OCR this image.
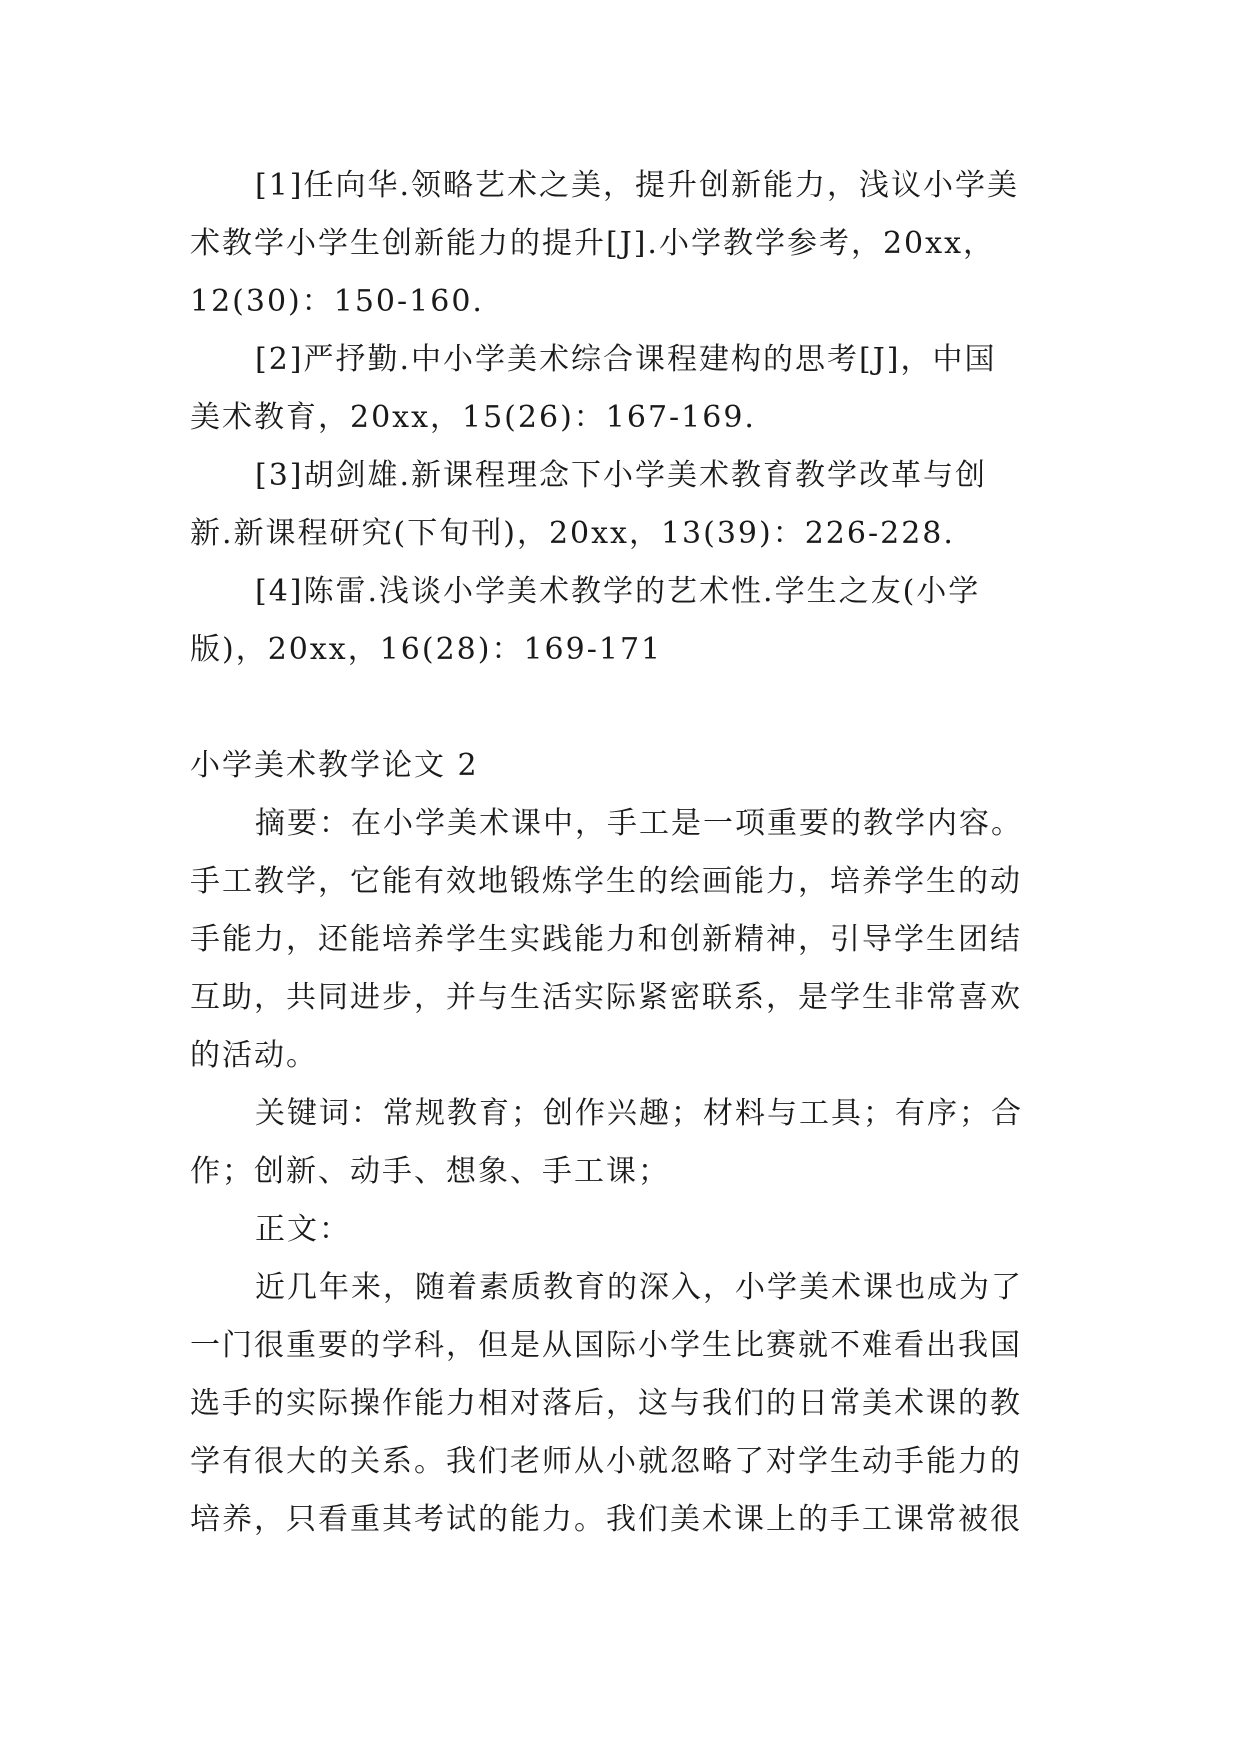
[1]任向华.领略艺术之美，提升创新能力，浅议小学美
术教学小学生创新能力的提升[J].小学教学参考，20xx，
12(30)：150-160.
[2]严抒勤.中小学美术综合课程建构的思考[J]，中国
美术教育，20xx，15(26)：167-169.
[3]胡剑雄.新课程理念下小学美术教育教学改革与创
新.新课程研究(下旬刊)，20xx，13(39)：226-228.
[4]陈雷.浅谈小学美术教学的艺术性.学生之友(小学
版)，20xx，16(28)：169-171
小学美术教学论文 2
摘要：在小学美术课中，手工是一项重要的教学内容。
手工教学，它能有效地锻炼学生的绘画能力，培养学生的动
手能力，还能培养学生实践能力和创新精神，引导学生团结
互助，共同进步，并与生活实际紧密联系，是学生非常喜欢
的活动。
关键词：常规教育；创作兴趣；材料与工具；有序；合
作；创新、动手、想象、手工课；
正文：
近几年来，随着素质教育的深入，小学美术课也成为了
一门很重要的学科，但是从国际小学生比赛就不难看出我国
选手的实际操作能力相对落后，这与我们的日常美术课的教
学有很大的关系。我们老师从小就忽略了对学生动手能力的
培养，只看重其考试的能力。我们美术课上的手工课常被很
